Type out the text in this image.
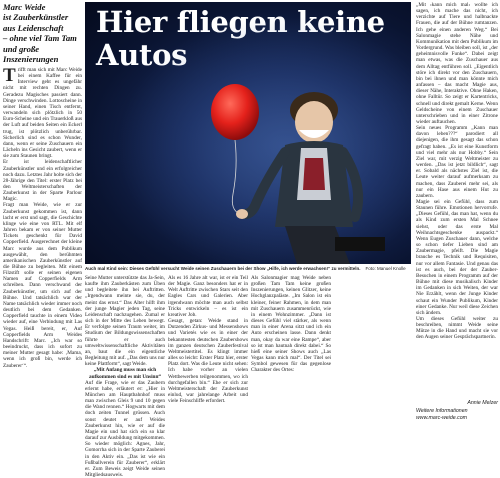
Marc Weide
ist Zauberkünstler
aus Leidenschaft
– ohne viel Tam Tam
und große
Inszenierungen

Trifft man sich mit Marc Weide bei einem Kaffee für ein Interview geht es ungefähr nicht mit rechten Dingen zu. Geradezu Magisches passiert dann. Dinge verschwinden. Lottoscheine in seiner Hand, einen Tisch entfernt, verwandeln sich plötzlich in 50 Euro-Scheine und ein Trauerkloß aus der Luft auf beiden Seiten ein Eckerl trug, ist plötzlich unberührbar. Sicherlich sind es schon Wunder, dann, wenn er seine Zuschauern ein Lächeln ins Gesicht zaubert, wenn er sie zum Staunen bringt.

Er ist leidenschaftlicher Zauberkünstler und ein erfolgreicher noch dazu. Letztes Jahr holte sich der 28-Jährige den Titel: erster Platz bei den Weltmeisterschaften der Zauberkunst in der Sparte Parlour Magic.

Fragt man Weide, wie er zur Zauberkunst gekommen ist, dann lacht er erst und sagt, die Geschichte klinge wie eine von RTL. Mit elf Jahren bekam er von seiner Mutter Tickets geschenkt für David Copperfield. Ausgerechnet der kleine Marc wurde aus dem Publikum ausgewählt, den berühmten amerikanischen Zauberkünstler auf die Bühne zu begleiten. Mit einem Filzstift solle er seinen eigenen Namen auf Copperfields Arm schreiben. Dann verschwand der Zauberkünstler, um sich auf der Bühne. Und tatsächlich war der Name tatsächlich wieder immer noch deutlich bei dem Gedanken. Copperfield tauchte in einem Video wieder auf, eine Verbindung mit Las Vegas. Heiß bereit, er, Auf Copperfields Arm Weides Handschrift: Marc. „Ich war so beeindruckt, dass ich sofort zu meiner Mutter gesagt habe: ‚Mama, wenn ich groß bin, werde ich Zauberer‘“.

Auch mal Kind sein: Dieses Gefühl versucht Weide seinen Zuschauern bei der Show „Hilfe, ich werde erwachsen!“ zu vermitteln. Foto: Manuel Knolle

Seine Mutter unterstützte das Ja-Sein, kaufte ihm Zauberkästen zum Üben und begleitete ihn bei Auftritten. „Irgendwann meinte sie, du, der meint das ernst.“ Das Alter hilft ihm der junge Magier jeden Tag, seine Leidenschaft nachzugehen. Zumal er sich in der Mitte des Leben bewegt. Er verfolgte seinen Traum weiter, im Studium der Bildungswissenschaften führte er auch umweltwissenschaftliche Aktivitäten an, baut die ein eigentliche Begleitung mit auf. „Das dem uns nur keine Plattform“, sagt Weide.

„Mit Anfang muss man sich aufkommen sind es mit Unsinn“

Auf die Frage, wie er das Zaubern erlernt habe, erläutert er: „Hier in München am Hauptbahnhof muss man zwischen Gleis 9 und 10 gegen die Wand rennen.“ Hogwarts mit dem doch zeiten Tunnel grüssen. Auch sonst deutet er auf Weides Zauberkunst hin, wie er auf die Magie ein und hat sich ein so klar darauf zur Ausbildung mitgekommen. So wieder möglich: Agnes, Jahr, Gomorrha sich in der Sparte Zauberei in den Aktiv ein. „Das ist wie ein Fußballverein für Zauberer“, erklärt er. Zum Beweis zeigt Weide seinen Mitgliedsausweis.

Als es 16 Jahre alt war, ist er ein Teil der Magie. Ganz besonders hat er in Welt Auftritte zwischen Stars seit den Eagles Cars und Galerien. Aber irgendwann möchte man auch selbst Tricks entwickeln – es ist ein kreativer Job.

Gesagt, getan: Weide stand in Dutzenden Zirkus- und Messenshows und Varietés wie es in einer der bekanntesten deutschen Zaubershows im ganzen deutschen Zauberfestival Weltmeistertitel. Es klingt immer alles so leicht: Erster Platz hier, erster Platz dort. Was die Leute nicht sehen: Ich habe vorher an vielen Wettbewerben teilgenommen, wo ich durchgefallen bin.“ Ehe er sich zur Weltmeisterschaft der Zauberkunst einlud, war jahrelange Arbeit und viele Feinschliffe erfordert.

Als Salonmagier mag Weide neben großen Tam Tam keine großen Inszenierungen, keinen Glitzer, keine Hochglanzpaläste. „Im Salon ist ein kleiner, feiner Rahmen, in dem man mit Zuschauern zusammenrückt, wie in einem Wohnzimmer. „Dann ist dieses Gefühl viel stärker, als wenn man in einer Arena sitzt und ich ein Auto erscheinen lasse. Dann denkt man, okay da war eine Rampe“, aber so ist man hautnah direkt dabei.“ So hieß eine seiner Shows auch „Las Vegas kann mich mal“. Der Titel sei Symbol gewesen für das gegenlose Charakter des Ortes:

„Mit ›kann mich mal‹ wollte ich sagen, ich mache das nicht, ich verzichte auf Tiere und halbnackte Frauen, die auf der Bühne rumtanzen. Ich gehe einen anderen Weg.“ Bei Salonmagie stehe Nähe und Kommunikation mit dem Publikum im Vordergrund. Was bleiben soll, ist „der geheimnisvolle Funke“. Dabei zeigt man etwas, was die Zuschauer aus dem Alltag entführen soll. „Eigentlich störe ich direkt vor den Zuschauern, bin bei ihnen und man könnte mich anfassen – das macht Magie aus, dieser Nähe, Interaktive. Ohne Haken, ohne Falltür. So zeigt er Kartentricks, schnell und direkt gemalt Kerne. Wenn Geldscheine von einem Zuschauer unterschrieben und in einer Zitrone wieder auftauchen.

Sein neues Programm „Kann man davon leben???“ parodiert all diejenigen, die ihm gesagt das schon gefragt haben. „Es ist eine Kunstform und viel mehr als nur Hobby.“ Sein Ziel war, mit verzig Weltmeister zu werden. „Das ist jetzt bildlich“, sagt er. Sobald als nächstes Ziel ist, die Leute weiter darauf aufmerksam zu machen, dass Zauberei mehr sei, als nur ein Hase aus einem Hut zu zaubern.

Magie sei ein Gefühl, dass zum Staunen führe. Emotionen hervorrufe. „Dieses Gefühl, das man hat, wenn du als Kind zum ersten Mal Schnee siehst, oder das erste Mal Weihnachtsgeschenke auspackt.“ Wenn Eugen Zuschauer dann, welche so schon tiefer Lieben sind am Zaubermagie, pfeift. Die Magie brauche es Technik und Requisiten, nur vor allem Fantasie. Und genau das ist es auch, bei der der Zauber-Besuchen in einem Programm auf der Bühne mit diese musikalisch Kinder im Gedanken in sich Weiten, der war Nie Erzählt, wenn der Junge Kinder schaut ein Wunder Publikum, Kinder einer Gedanke. Nur weil diese Zeichen sich ändern.

Um dieses Gefühl weiter zu beschreiben, nimmt Weide seine Mütze in die Hand und macht sie vor den Augen seiner Gesprächspartnerin.

Annie Melzer
Weitere Informationen
www.marc-weide.com
